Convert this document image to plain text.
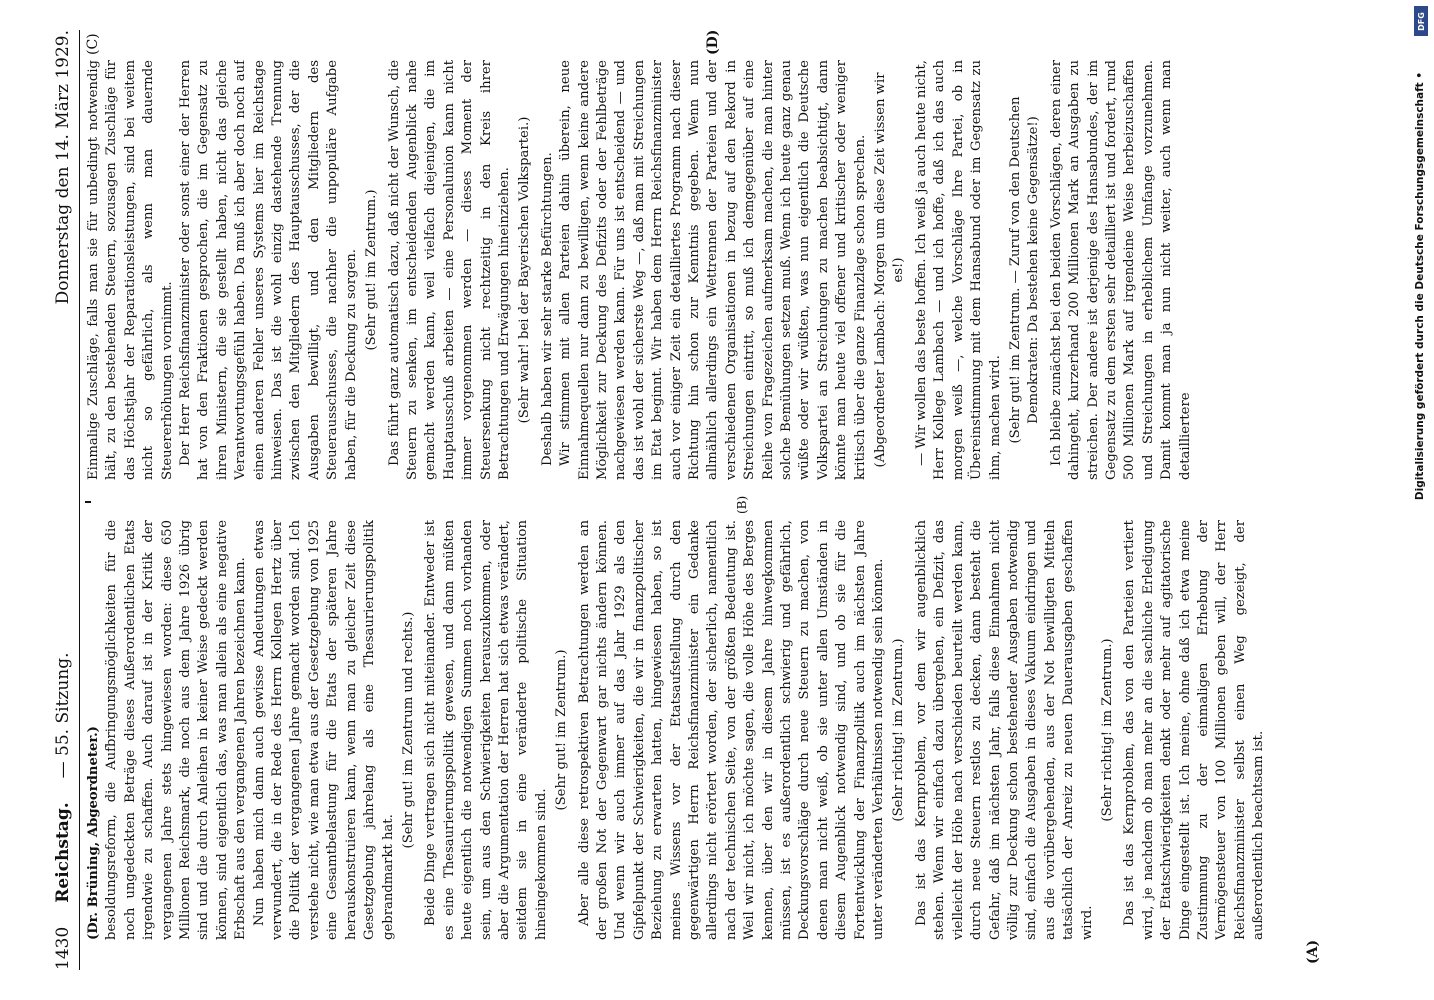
1430
Reichstag.
— 55. Sitzung.
Donnerstag den 14. März 1929.

(Dr. Brüning, Abgeordneter.) besoldungsreform, die Aufbringungsmöglichkeiten für die noch ungedeckten Beträge dieses Außerordentlichen Etats irgendwie zu schaffen. Auch darauf ist in der Kritik der vergangenen Jahre stets hingewiesen worden: diese 650 Millionen Reichsmark, die noch aus dem Jahre 1926 übrig sind und die durch Anleihen in keiner Weise gedeckt werden können, sind eigentlich das, was man allein als eine negative Erbschaft aus den vergangenen Jahren bezeichnen kann. Nun haben mich dann auch gewisse Andeutungen etwas verwundert, die in der Rede des Herrn Kollegen Hertz über die Politik der vergangenen Jahre gemacht worden sind. Ich verstehe nicht, wie man etwa aus der Gesetzgebung von 1925 eine Gesamtbelastung für die Etats der späteren Jahre herauskonstruieren kann, wenn man zu gleicher Zeit diese Gesetzgebung jahrelang als eine Thesaurierungspolitik gebrandmarkt hat.

(Sehr gut! im Zentrum und rechts.) Beide Dinge vertragen sich nicht miteinander. Entweder ist es eine Thesaurierungspolitik gewesen, und dann müßten heute eigentlich die notwendigen Summen noch vorhanden sein, um aus den Schwierigkeiten herauszukommen, oder aber die Argumentation der Herren hat sich etwas verändert, seitdem sie in eine veränderte politische Situation hineingekommen sind.

(Sehr gut! im Zentrum.) Aber alle diese retrospektiven Betrachtungen werden an der großen Not der Gegenwart gar nichts ändern können. Und wenn wir auch immer auf das Jahr 1929 als den Gipfelpunkt der Schwierigkeiten, die wir in finanzpolitischer Beziehung zu erwarten hatten, hingewiesen haben, so ist meines Wissens vor der Etatsaufstellung durch den gegenwärtigen Herrn Reichsfinanzminister ein Gedanke allerdings nicht erörtert worden, der sicherlich, namentlich nach der technischen Seite, von der größten Bedeutung ist. Weil wir nicht, ich möchte sagen, die volle Höhe des Berges kennen, über den wir in diesem Jahre hinwegkommen müssen, ist es außerordentlich schwierig und gefährlich, Deckungsvorschläge durch neue Steuern zu machen, von denen man nicht weiß, ob sie unter allen Umständen in diesem Augenblick notwendig sind, und ob sie für die Fortentwicklung der Finanzpolitik auch im nächsten Jahre unter veränderten Verhältnissen notwendig sein können. (Sehr richtig! im Zentrum.) Das ist das Kernproblem, vor dem wir augenblicklich stehen. Wenn wir einfach dazu übergehen, ein Defizit, das vielleicht der Höhe nach verschieden beurteilt werden kann, durch neue Steuern restlos zu decken, dann besteht die Gefahr, daß im nächsten Jahr, falls diese Einnahmen nicht völlig zur Deckung schon bestehender Ausgaben notwendig sind, einfach die Ausgaben in dieses Vakuum eindringen und aus die vorübergehenden, aus der Not bewilligten Mitteln tatsächlich der Anreiz zu neuen Dauerausgaben geschaffen wird.

(Sehr richtig! im Zentrum.) Das ist das Kernproblem, das von den Parteien vertiert wird, je nachdem ob man mehr an die sachliche Erledigung der Etatschwierigkeiten denkt oder mehr auf agitatorische Dinge eingestellt ist. Ich meine, ohne daß ich etwa meine Zustimmung zu der einmaligen Erhebung der Vermögensteuer von 100 Millionen geben will, der Herr Reichsfinanzminister selbst einen Weg gezeigt, der außerordentlich beachtsam ist.

Einmalige Zuschläge, falls man sie für unbedingt notwendig hält, zu den bestehenden Steuern, sozusagen Zuschläge für das Höchstjahr der Reparationsleistungen, sind bei weitem nicht so gefährlich, als wenn man dauernde Steuererhöhungen vornimmt. Der Herr Reichsfinanzminister oder sonst einer der Herren hat von den Fraktionen gesprochen, die im Gegensatz zu ihren Ministern, die sie gestellt haben, nicht das gleiche Verantwortungsgefühl haben. Da muß ich aber doch noch auf einen anderen Fehler unseres Systems hier im Reichstage hinweisen. Das ist die wohl einzig dastehende Trennung zwischen den Mitgliedern des Hauptausschusses, der die Ausgaben bewilligt, und den Mitgliedern des Steuerausschusses, die nachher die unpopuläre Aufgabe haben, für die Deckung zu sorgen. (Sehr gut! im Zentrum.) Das führt ganz automatisch dazu, daß nicht der Wunsch, die Steuern zu senken, im entscheidenden Augenblick nahe gemacht werden kann, weil vielfach diejenigen, die im Hauptausschuß arbeiten — eine Personalunion kann nicht immer vorgenommen werden — dieses Moment der Steuersenkung nicht rechtzeitig in den Kreis ihrer Betrachtungen und Erwägungen hineinziehen. (Sehr wahr! bei der Bayerischen Volkspartei.) Deshalb haben wir sehr starke Befürchtungen. Wir stimmen mit allen Parteien dahin überein, neue Einnahmequellen nur dann zu bewilligen, wenn keine andere Möglichkeit zur Deckung des Defizits oder der Fehlbeträge nachgewiesen werden kann. Für uns ist entscheidend — und das ist wohl der sicherste Weg —, daß man mit Streichungen im Etat beginnt. Wir haben dem Herrn Reichsfinanzminister auch vor einiger Zeit ein detailliertes Programm nach dieser Richtung hin schon zur Kenntnis gegeben. Wenn nun allmählich allerdings ein Wettrennen der Parteien und der verschiedenen Organisationen in bezug auf den Rekord in Streichungen eintritt, so muß ich demgegenüber auf eine Reihe von Fragezeichen aufmerksam machen, die man hinter solche Bemühungen setzen muß. Wenn ich heute ganz genau wüßte oder wir wüßten, was nun eigentlich die Deutsche Volkspartei an Streichungen zu machen beabsichtigt, dann könnte man heute viel offener und kritischer oder weniger kritisch über die ganze Finanzlage schon sprechen. (Abgeordneter Lambach: Morgen um diese Zeit wissen wir es!) — Wir wollen das beste hoffen. Ich weiß ja auch heute nicht, Herr Kollege Lambach — und ich hoffe, daß ich das auch morgen weiß —, welche Vorschläge Ihre Partei, ob in Übereinstimmung mit dem Hansabund oder im Gegensatz zu ihm, machen wird. (Sehr gut! im Zentrum. — Zuruf von den Deutschen Demokraten: Da bestehen keine Gegensätze!) Ich bleibe zunächst bei den beiden Vorschlägen, deren einer dahingeht, kurzerhand 200 Millionen Mark an Ausgaben zu streichen. Der andere ist derjenige des Hansabundes, der im Gegensatz zu dem ersten sehr detailliert ist und fordert, rund 500 Millionen Mark auf irgendeine Weise herbeizuschaffen und Streichungen in erheblichem Umfange vorzunehmen. Damit kommt man ja nun nicht weiter, auch wenn man detailliertere

(A)
(B)
(C)	(D)
DFG
Digitalisierung gefördert durch die Deutsche Forschungsgemeinschaft •
